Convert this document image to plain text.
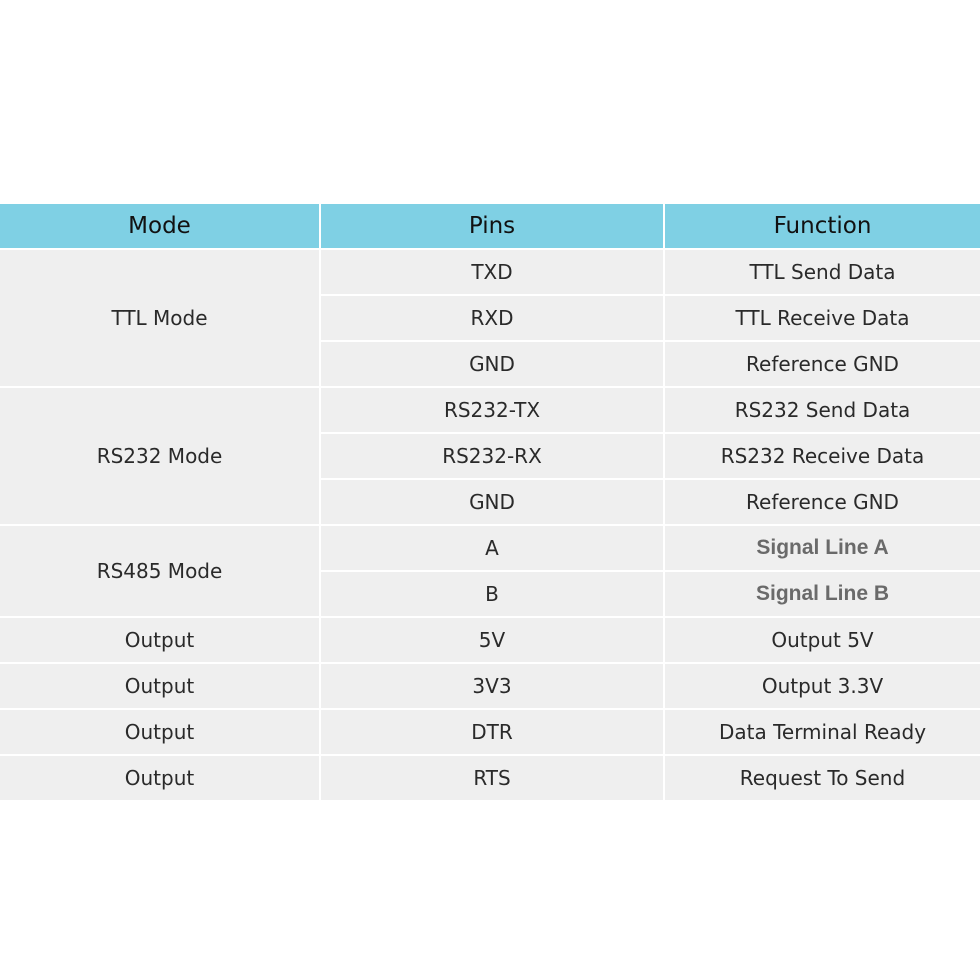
Mode	Pins	Function
TTL Mode	TXD	TTL Send Data
	RXD	TTL Receive Data
	GND	Reference GND
RS232 Mode	RS232-TX	RS232 Send Data
	RS232-RX	RS232 Receive Data
	GND	Reference GND
RS485 Mode	A	Signal Line A
	B	Signal Line B
Output	5V	Output 5V
Output	3V3	Output 3.3V
Output	DTR	Data Terminal Ready
Output	RTS	Request To Send
